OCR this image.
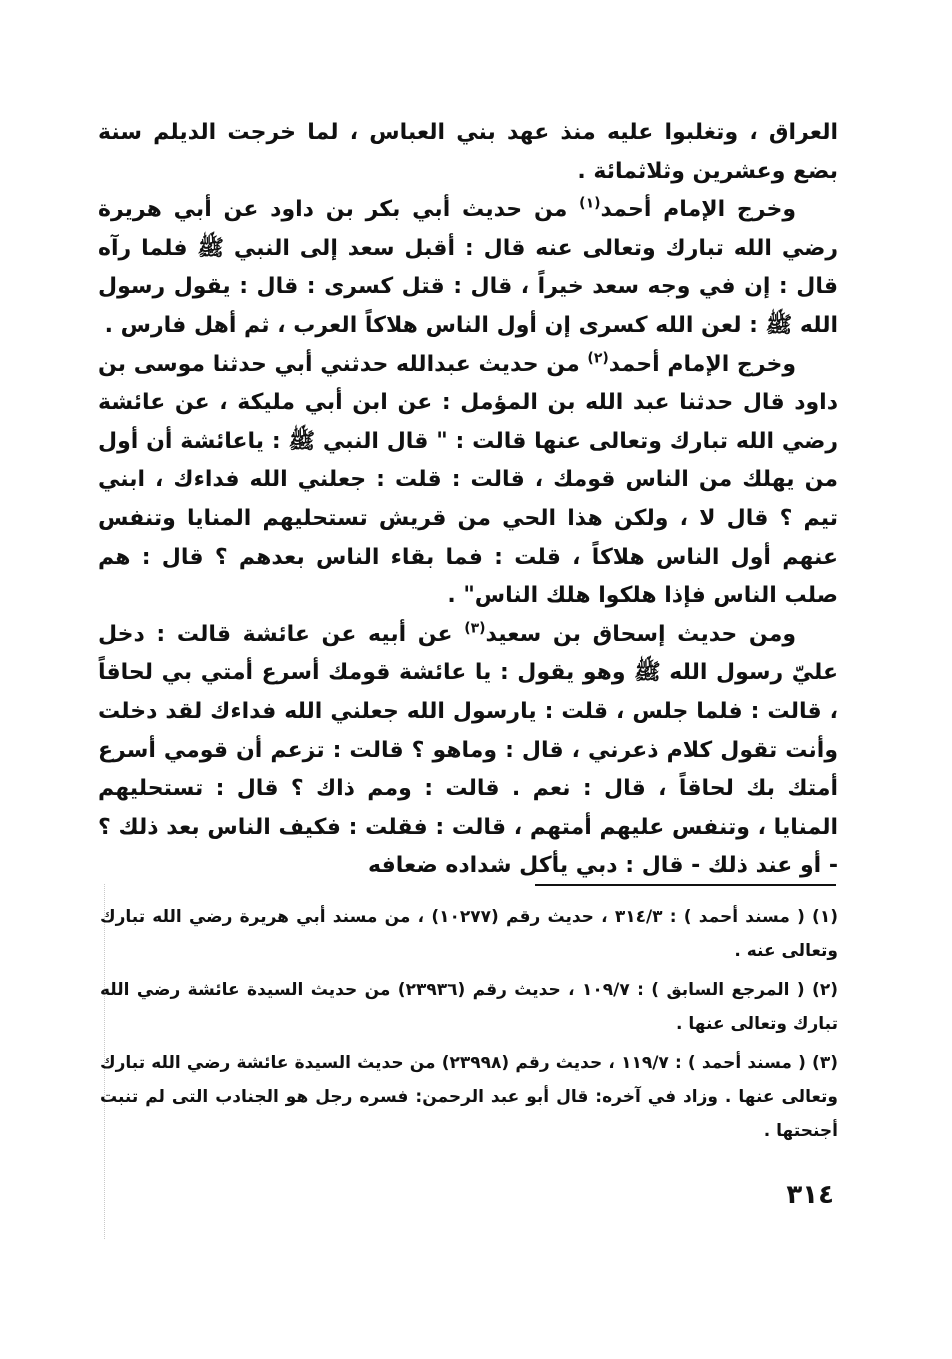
العراق ، وتغلبوا عليه منذ عهد بني العباس ، لما خرجت الديلم سنة بضع وعشرين وثلاثمائة .

وخرج الإمام أحمد$^{(١)}$ من حديث أبي بكر بن داود عن أبي هريرة رضي الله تبارك وتعالى عنه قال : أقبل سعد إلى النبي ﷺ فلما رآه قال : إن في وجه سعد خيراً ، قال : قتل كسرى : قال : يقول رسول الله ﷺ : لعن الله كسرى إن أول الناس هلاكاً العرب ، ثم أهل فارس .

وخرج الإمام أحمد$^{(٢)}$ من حديث عبدالله حدثني أبي حدثنا موسى بن داود قال حدثنا عبد الله بن المؤمل : عن ابن أبي مليكة ، عن عائشة رضي الله تبارك وتعالى عنها قالت : " قال النبي ﷺ : ياعائشة أن أول من يهلك من الناس قومك ، قالت : قلت : جعلني الله فداءك ، ابني تيم ؟ قال لا ، ولكن هذا الحي من قريش تستحليهم المنايا وتنفس عنهم أول الناس هلاكاً ، قلت : فما بقاء الناس بعدهم ؟ قال : هم صلب الناس فإذا هلكوا هلك الناس" .

ومن حديث إسحاق بن سعيد$^{(٣)}$ عن أبيه عن عائشة قالت : دخل عليّ رسول الله ﷺ وهو يقول : يا عائشة قومك أسرع أمتي بي لحاقاً ، قالت : فلما جلس ، قلت : يارسول الله جعلني الله فداءك لقد دخلت وأنت تقول كلام ذعرني ، قال : وماهو ؟ قالت : تزعم أن قومي أسرع أمتك بك لحاقاً ، قال : نعم . قالت : ومم ذاك ؟ قال : تستحليهم المنايا ، وتنفس عليهم أمتهم ، قالت : فقلت : فكيف الناس بعد ذلك ؟ - أو عند ذلك - قال : دبي يأكل شداده ضعافه

(١) ( مسند أحمد ) : ٣١٤/٣ ، حديث رقم (١٠٢٧٧) ، من مسند أبي هريرة رضي الله تبارك وتعالى عنه .

(٢) ( المرجع السابق ) : ١٠٩/٧ ، حديث رقم (٢٣٩٣٦) من حديث السيدة عائشة رضي الله تبارك وتعالى عنها .

(٣) ( مسند أحمد ) : ١١٩/٧ ، حديث رقم (٢٣٩٩٨) من حديث السيدة عائشة رضي الله تبارك وتعالى عنها . وزاد في آخره: قال أبو عبد الرحمن: فسره رجل هو الجنادب التى لم تنبت أجنحتها .

٣١٤
